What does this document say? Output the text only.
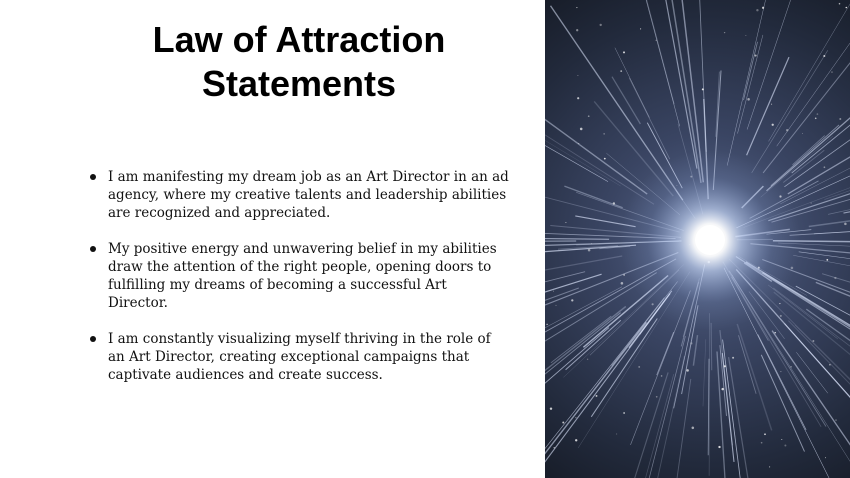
Law of Attraction
Statements
I am manifesting my dream job as an Art Director in an ad agency, where my creative talents and leadership abilities are recognized and appreciated.
My positive energy and unwavering belief in my abilities draw the attention of the right people, opening doors to fulfilling my dreams of becoming a successful Art Director.
I am constantly visualizing myself thriving in the role of an Art Director, creating exceptional campaigns that captivate audiences and create success.
